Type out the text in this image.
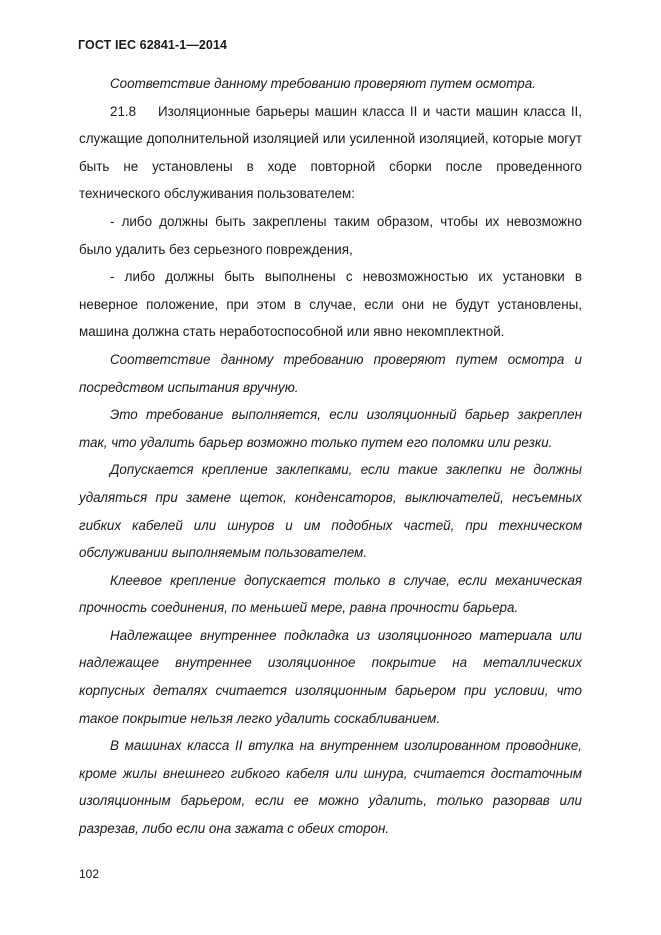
ГОСТ IEC 62841-1—2014

Соответствие данному требованию проверяют путем осмотра.

21.8 Изоляционные барьеры машин класса II и части машин класса II, служащие дополнительной изоляцией или усиленной изоляцией, которые могут быть не установлены в ходе повторной сборки после проведенного технического обслуживания пользователем:

- либо должны быть закреплены таким образом, чтобы их невозможно было удалить без серьезного повреждения,

- либо должны быть выполнены с невозможностью их установки в неверное положение, при этом в случае, если они не будут установлены, машина должна стать неработоспособной или явно некомплектной.

Соответствие данному требованию проверяют путем осмотра и посредством испытания вручную.

Это требование выполняется, если изоляционный барьер закреплен так, что удалить барьер возможно только путем его поломки или резки.

Допускается крепление заклепками, если такие заклепки не должны удаляться при замене щеток, конденсаторов, выключателей, несъемных гибких кабелей или шнуров и им подобных частей, при техническом обслуживании выполняемым пользователем.

Клеевое крепление допускается только в случае, если механическая прочность соединения, по меньшей мере, равна прочности барьера.

Надлежащее внутреннее подкладка из изоляционного материала или надлежащее внутреннее изоляционное покрытие на металлических корпусных деталях считается изоляционным барьером при условии, что такое покрытие нельзя легко удалить соскабливанием.

В машинах класса II втулка на внутреннем изолированном проводнике, кроме жилы внешнего гибкого кабеля или шнура, считается достаточным изоляционным барьером, если ее можно удалить, только разорвав или разрезав, либо если она зажата с обеих сторон.

102
